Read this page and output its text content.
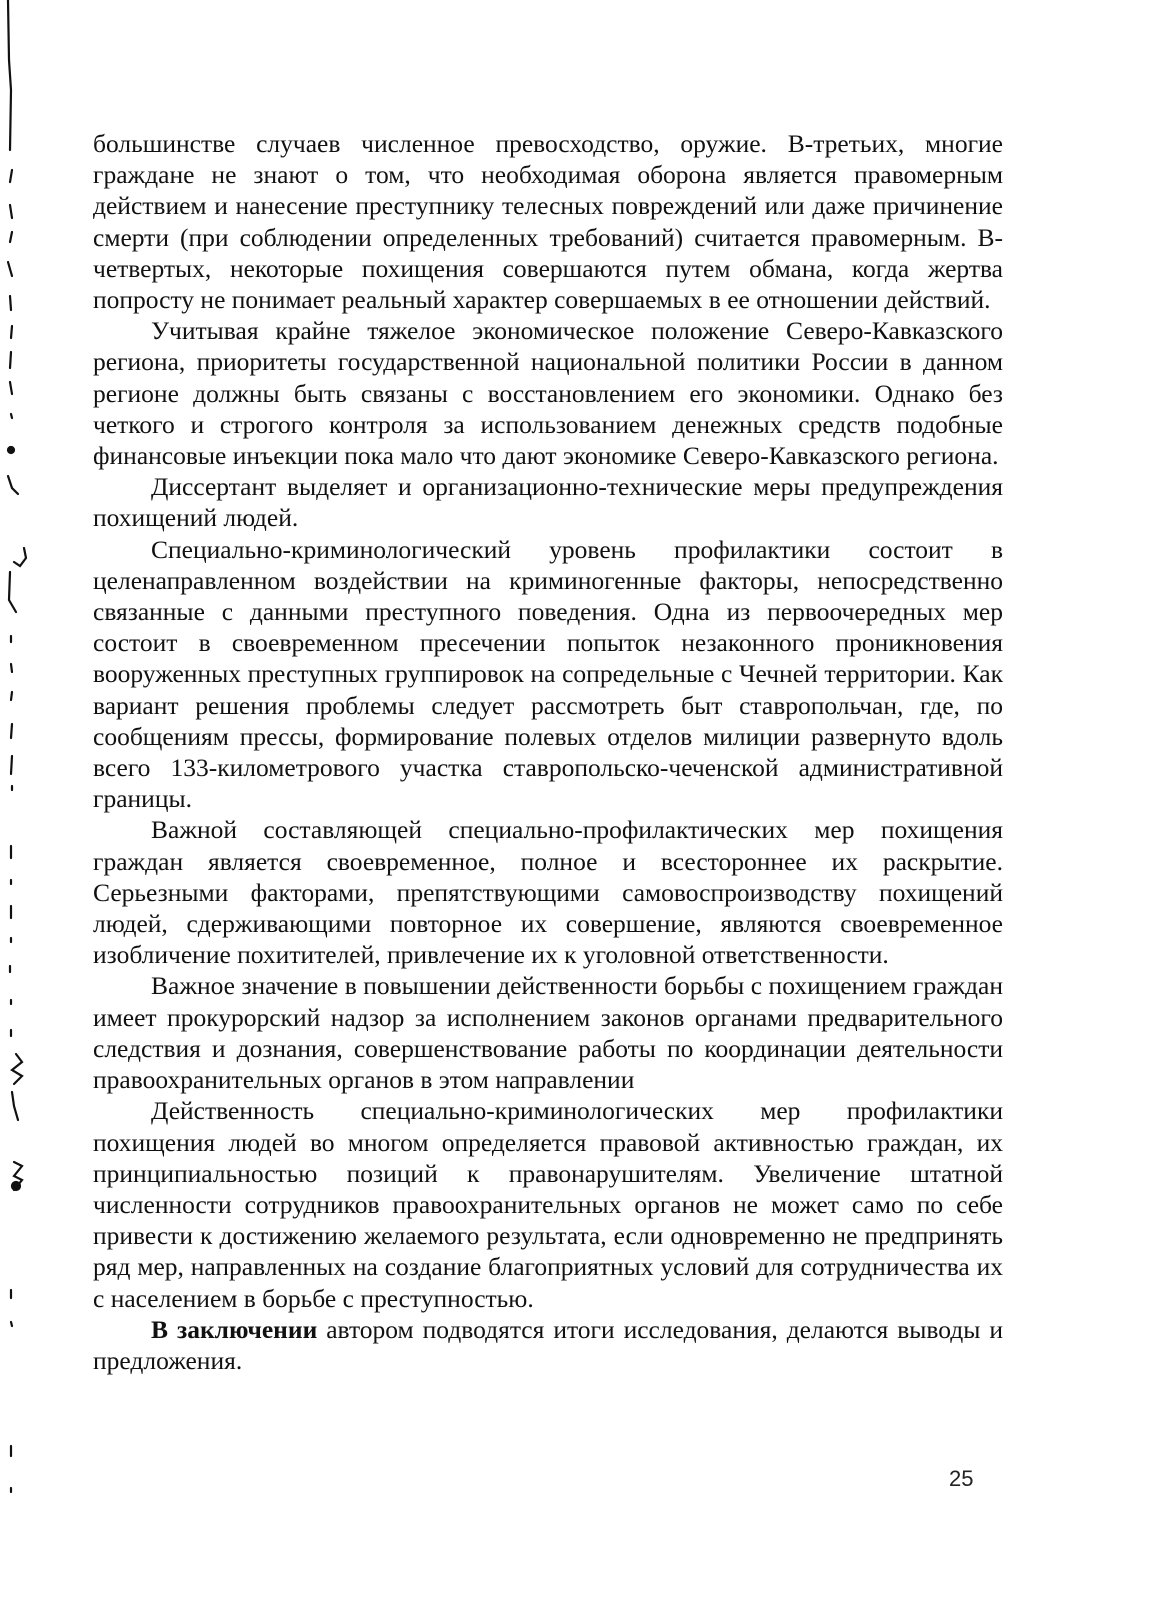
большинстве случаев численное превосходство, оружие. В-третьих, многие граждане не знают о том, что необходимая оборона является правомерным действием и нанесение преступнику телесных повреждений или даже причинение смерти (при соблюдении определенных требований) считается правомерным. В-четвертых, некоторые похищения совершаются путем обмана, когда жертва попросту не понимает реальный характер совершаемых в ее отношении действий.

Учитывая крайне тяжелое экономическое положение Северо-Кавказского региона, приоритеты государственной национальной политики России в данном регионе должны быть связаны с восстановлением его экономики. Однако без четкого и строгого контроля за использованием денежных средств подобные финансовые инъекции пока мало что дают экономике Северо-Кавказского региона.

Диссертант выделяет и организационно-технические меры предупреждения похищений людей.

Специально-криминологический уровень профилактики состоит в целенаправленном воздействии на криминогенные факторы, непосредственно связанные с данными преступного поведения. Одна из первоочередных мер состоит в своевременном пресечении попыток незаконного проникновения вооруженных преступных группировок на сопредельные с Чечней территории. Как вариант решения проблемы следует рассмотреть быт ставропольчан, где, по сообщениям прессы, формирование полевых отделов милиции развернуто вдоль всего 133-километрового участка ставропольско-чеченской административной границы.

Важной составляющей специально-профилактических мер похищения граждан является своевременное, полное и всестороннее их раскрытие. Серьезными факторами, препятствующими самовоспроизводству похищений людей, сдерживающими повторное их совершение, являются своевременное изобличение похитителей, привлечение их к уголовной ответственности.

Важное значение в повышении действенности борьбы с похищением граждан имеет прокурорский надзор за исполнением законов органами предварительного следствия и дознания, совершенствование работы по координации деятельности правоохранительных органов в этом направлении

Действенность специально-криминологических мер профилактики похищения людей во многом определяется правовой активностью граждан, их принципиальностью позиций к правонарушителям. Увеличение штатной численности сотрудников правоохранительных органов не может само по себе привести к достижению желаемого результата, если одновременно не предпринять ряд мер, направленных на создание благоприятных условий для сотрудничества их с населением в борьбе с преступностью.

В заключении автором подводятся итоги исследования, делаются выводы и предложения.

25
